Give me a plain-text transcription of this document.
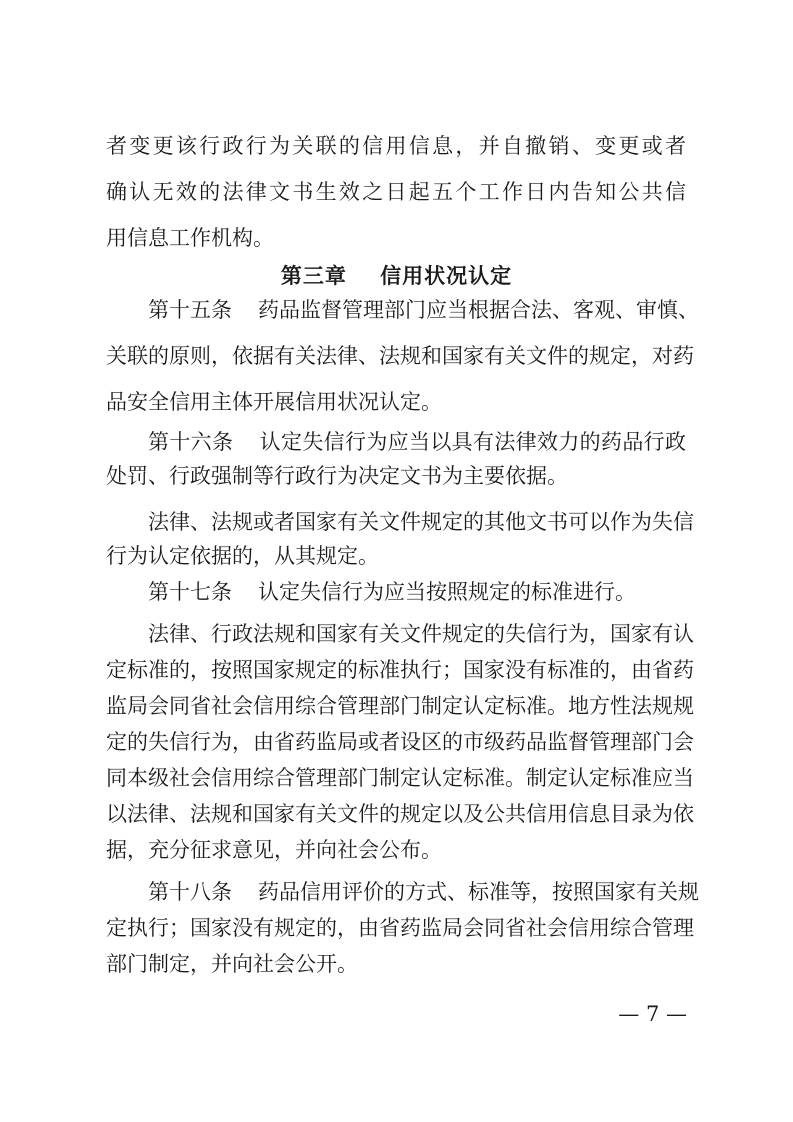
者变更该行政行为关联的信用信息，并自撤销、变更或者
确认无效的法律文书生效之日起五个工作日内告知公共信
用信息工作机构。
第三章    信用状况认定
第十五条 药品监督管理部门应当根据合法、客观、审慎、
关联的原则，依据有关法律、法规和国家有关文件的规定，对药
品安全信用主体开展信用状况认定。
第十六条 认定失信行为应当以具有法律效力的药品行政
处罚、行政强制等行政行为决定文书为主要依据。
法律、法规或者国家有关文件规定的其他文书可以作为失信
行为认定依据的，从其规定。
第十七条 认定失信行为应当按照规定的标准进行。
法律、行政法规和国家有关文件规定的失信行为，国家有认
定标准的，按照国家规定的标准执行；国家没有标准的，由省药
监局会同省社会信用综合管理部门制定认定标准。地方性法规规
定的失信行为，由省药监局或者设区的市级药品监督管理部门会
同本级社会信用综合管理部门制定认定标准。制定认定标准应当
以法律、法规和国家有关文件的规定以及公共信用信息目录为依
据，充分征求意见，并向社会公布。
第十八条 药品信用评价的方式、标准等，按照国家有关规
定执行；国家没有规定的，由省药监局会同省社会信用综合管理
部门制定，并向社会公开。
— 7 —
